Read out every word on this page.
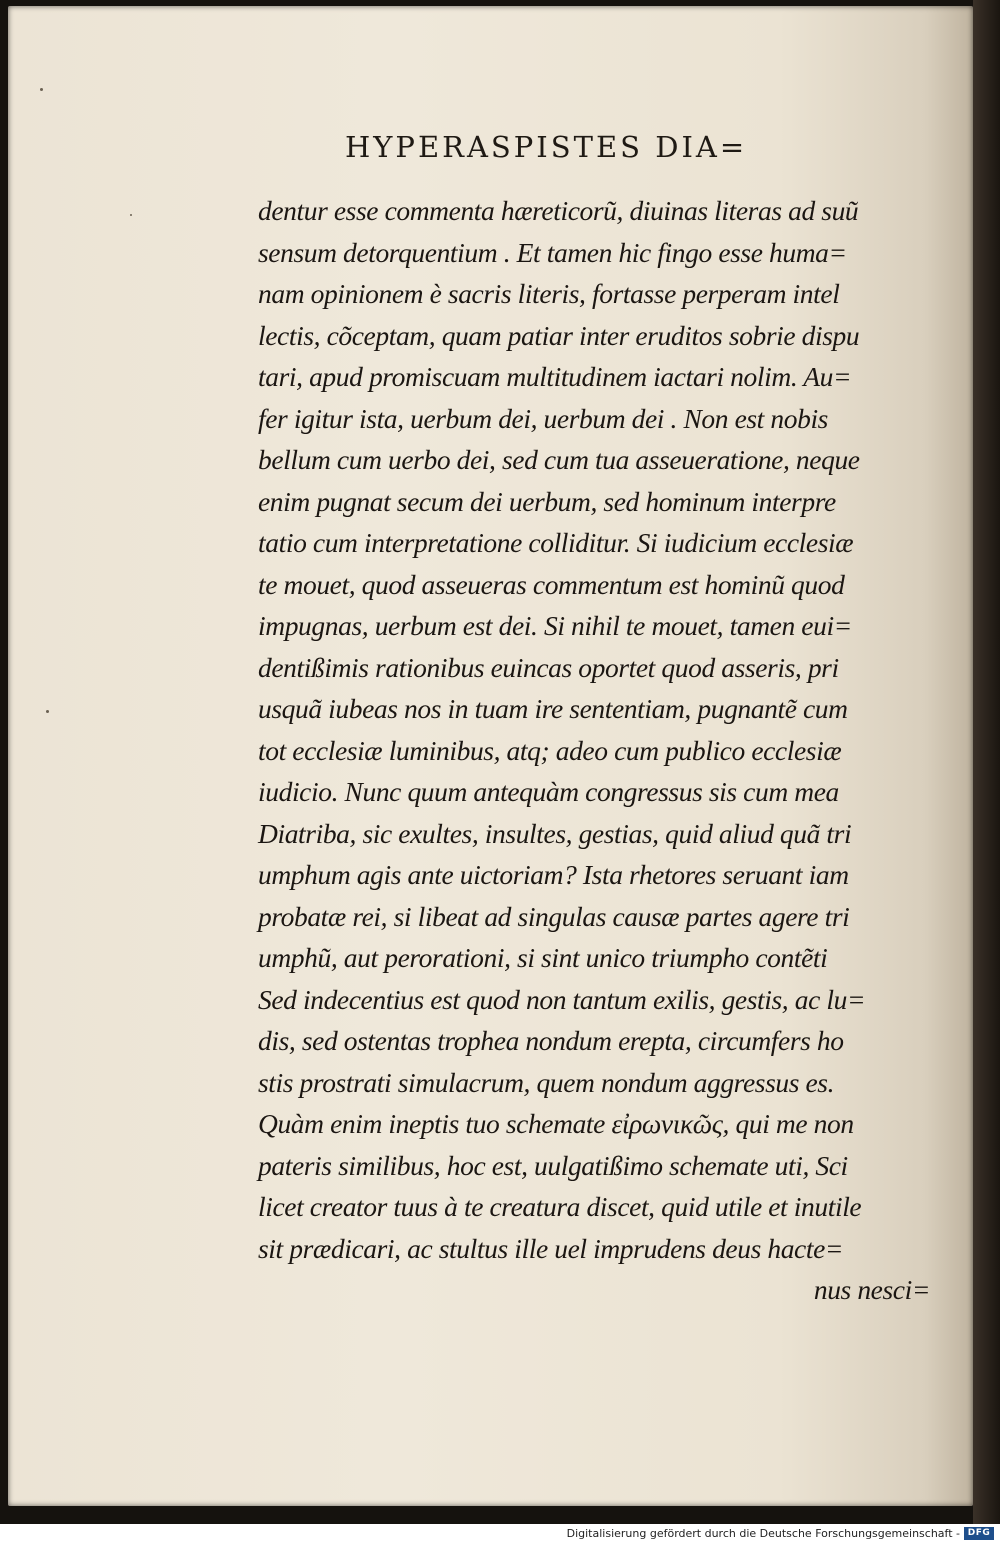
HYPERASPISTES DIA=
dentur esse commenta hæreticorũ, diuinas literas ad suũ
sensum detorquentium . Et tamen hic fingo esse huma=
nam opinionem è sacris literis, fortasse perperam intel
lectis, cõceptam, quam patiar inter eruditos sobrie dispu
tari, apud promiscuam multitudinem iactari nolim. Au=
fer igitur ista, uerbum dei, uerbum dei . Non est nobis
bellum cum uerbo dei, sed cum tua asseueratione, neque
enim pugnat secum dei uerbum, sed hominum interpre
tatio cum interpretatione colliditur. Si iudicium ecclesiæ
te mouet, quod asseueras commentum est hominũ quod
impugnas, uerbum est dei. Si nihil te mouet, tamen eui=
dentißimis rationibus euincas oportet quod asseris, pri
usquã iubeas nos in tuam ire sententiam, pugnantẽ cum
tot ecclesiæ luminibus, atq; adeo cum publico ecclesiæ
iudicio. Nunc quum antequàm congressus sis cum mea
Diatriba, sic exultes, insultes, gestias, quid aliud quã tri
umphum agis ante uictoriam? Ista rhetores seruant iam
probatæ rei, si libeat ad singulas causæ partes agere tri
umphũ, aut perorationi, si sint unico triumpho contẽti
Sed indecentius est quod non tantum exilis, gestis, ac lu=
dis, sed ostentas trophea nondum erepta, circumfers ho
stis prostrati simulacrum, quem nondum aggressus es.
Quàm enim ineptis tuo schemate εἰρωνικῶς, qui me non
pateris similibus, hoc est, uulgatißimo schemate uti, Sci
licet creator tuus à te creatura discet, quid utile et inutile
sit prædicari, ac stultus ille uel imprudens deus hacte=
nus nesci=
Digitalisierung gefördert durch die Deutsche Forschungsgemeinschaft - DFG
